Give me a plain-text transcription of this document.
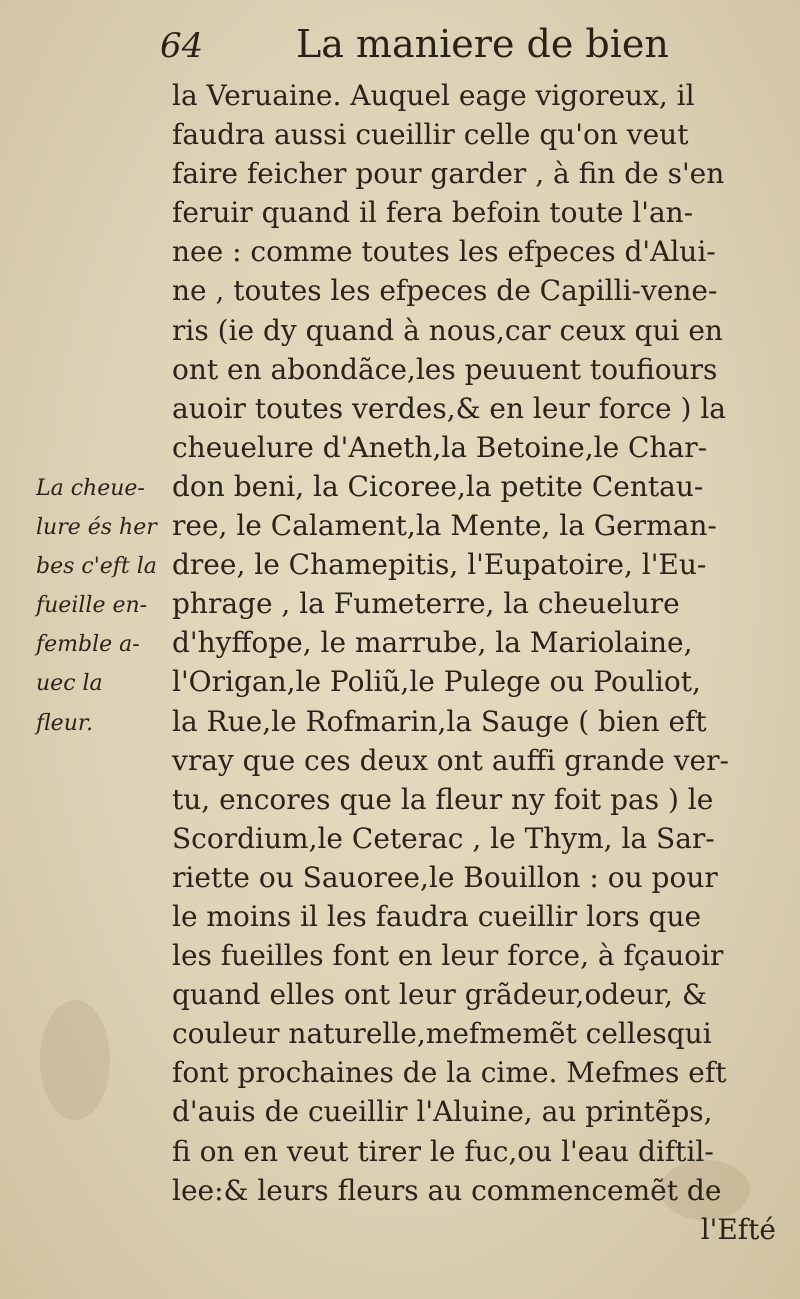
64 La maniere de bien
La cheue-
lure és her
bes c'eft la
fueille en-
femble a-
uec la
fleur.
la Veruaine. Auquel eage vigoreux, il
faudra aussi cueillir celle qu'on veut
faire feicher pour garder , à fin de s'en
feruir quand il fera befoin toute l'an-
nee : comme toutes les efpeces d'Alui-
ne , toutes les efpeces de Capilli-vene-
ris (ie dy quand à nous,car ceux qui en
ont en abondãce,les peuuent toufiours
auoir toutes verdes,& en leur force ) la
cheuelure d'Aneth,la Betoine,le Char-
don beni, la Cicoree,la petite Centau-
ree, le Calament,la Mente, la German-
dree, le Chamepitis, l'Eupatoire, l'Eu-
phrage , la Fumeterre, la cheuelure
d'hyffope, le marrube, la Mariolaine,
l'Origan,le Poliũ,le Pulege ou Pouliot,
la Rue,le Rofmarin,la Sauge ( bien eft
vray que ces deux ont auffi grande ver-
tu, encores que la fleur ny foit pas ) le
Scordium,le Ceterac , le Thym, la Sar-
riette ou Sauoree,le Bouillon : ou pour
le moins il les faudra cueillir lors que
les fueilles font en leur force, à fçauoir
quand elles ont leur grãdeur,odeur, &
couleur naturelle,mefmemẽt cellesqui
font prochaines de la cime. Mefmes eft
d'auis de cueillir l'Aluine, au printẽps,
fi on en veut tirer le fuc,ou l'eau diftil-
lee:& leurs fleurs au commencemẽt de
l'Efté
